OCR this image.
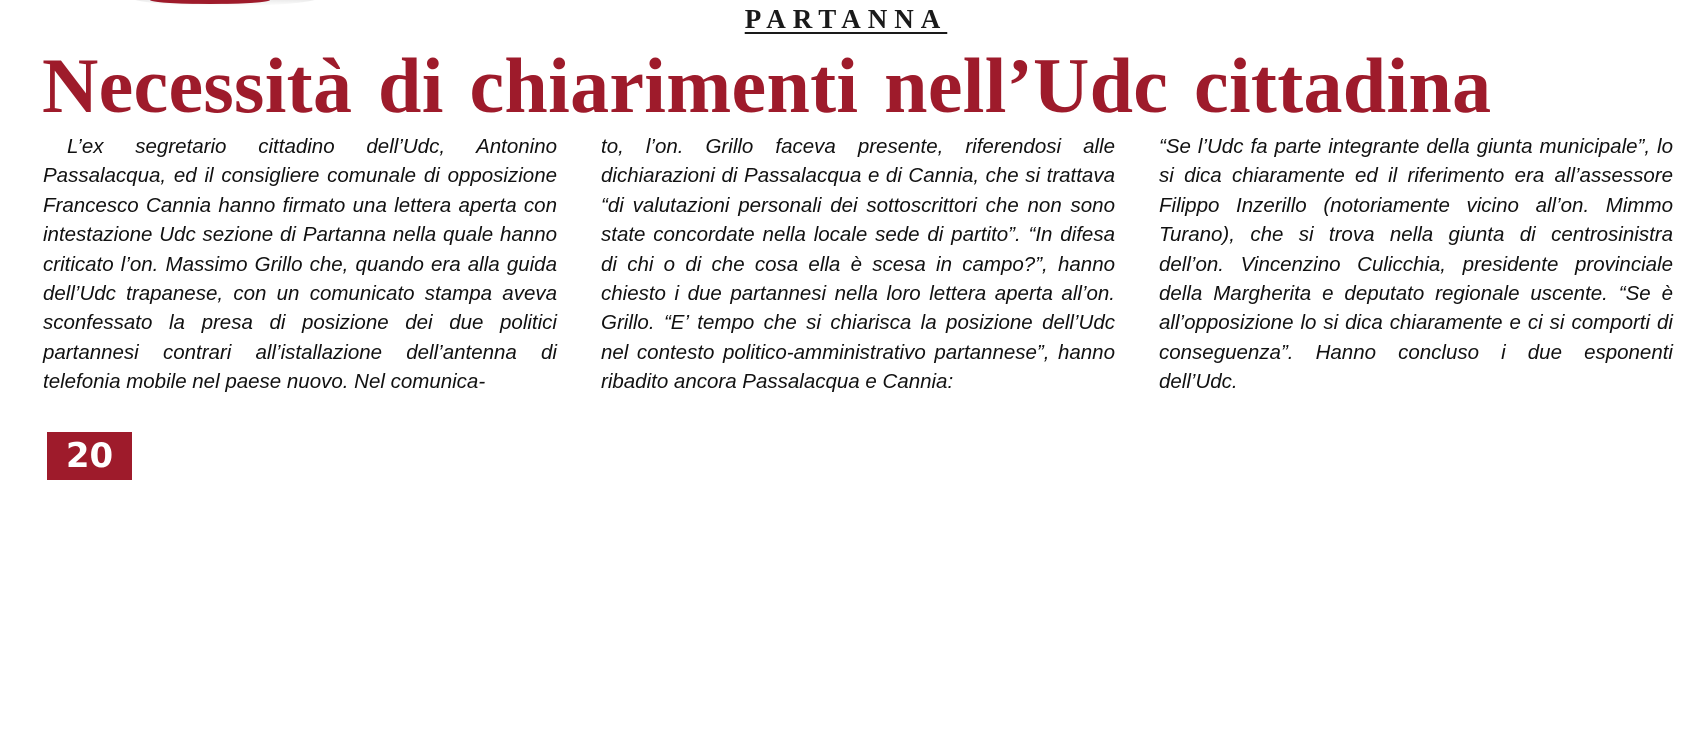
PARTANNA
Necessità di chiarimenti nell’Udc cittadina

L’ex segretario cittadino dell’Udc, Antonino Passalacqua, ed il consigliere comunale di opposizione Francesco Cannia hanno firmato una lettera aperta con intestazione Udc sezione di Partanna nella quale hanno criticato l’on. Massimo Grillo che, quando era alla guida dell’Udc trapanese, con un comunicato stampa aveva sconfessato la presa di posizione dei due politici partannesi contrari all’istallazione dell’antenna di telefonia mobile nel paese nuovo. Nel comunica-

to, l’on. Grillo faceva presente, riferendosi alle dichiarazioni di Passalacqua e di Cannia, che si trattava “di valutazioni personali dei sottoscrittori che non sono state concordate nella locale sede di partito”. “In difesa di chi o di che cosa ella è scesa in campo?”, hanno chiesto i due partannesi nella loro lettera aperta all’on. Grillo. “E’ tempo che si chiarisca la posizione dell’Udc nel contesto politico-amministrativo partannese”, hanno ribadito ancora Passalacqua e Cannia:

“Se l’Udc fa parte integrante della giunta municipale”, lo si dica chiaramente ed il riferimento era all’assessore Filippo Inzerillo (notoriamente vicino all’on. Mimmo Turano), che si trova nella giunta di centrosinistra dell’on. Vincenzino Culicchia, presidente provinciale della Margherita e deputato regionale uscente. “Se è all’opposizione lo si dica chiaramente e ci si comporti di conseguenza”. Hanno concluso i due esponenti dell’Udc.

20
